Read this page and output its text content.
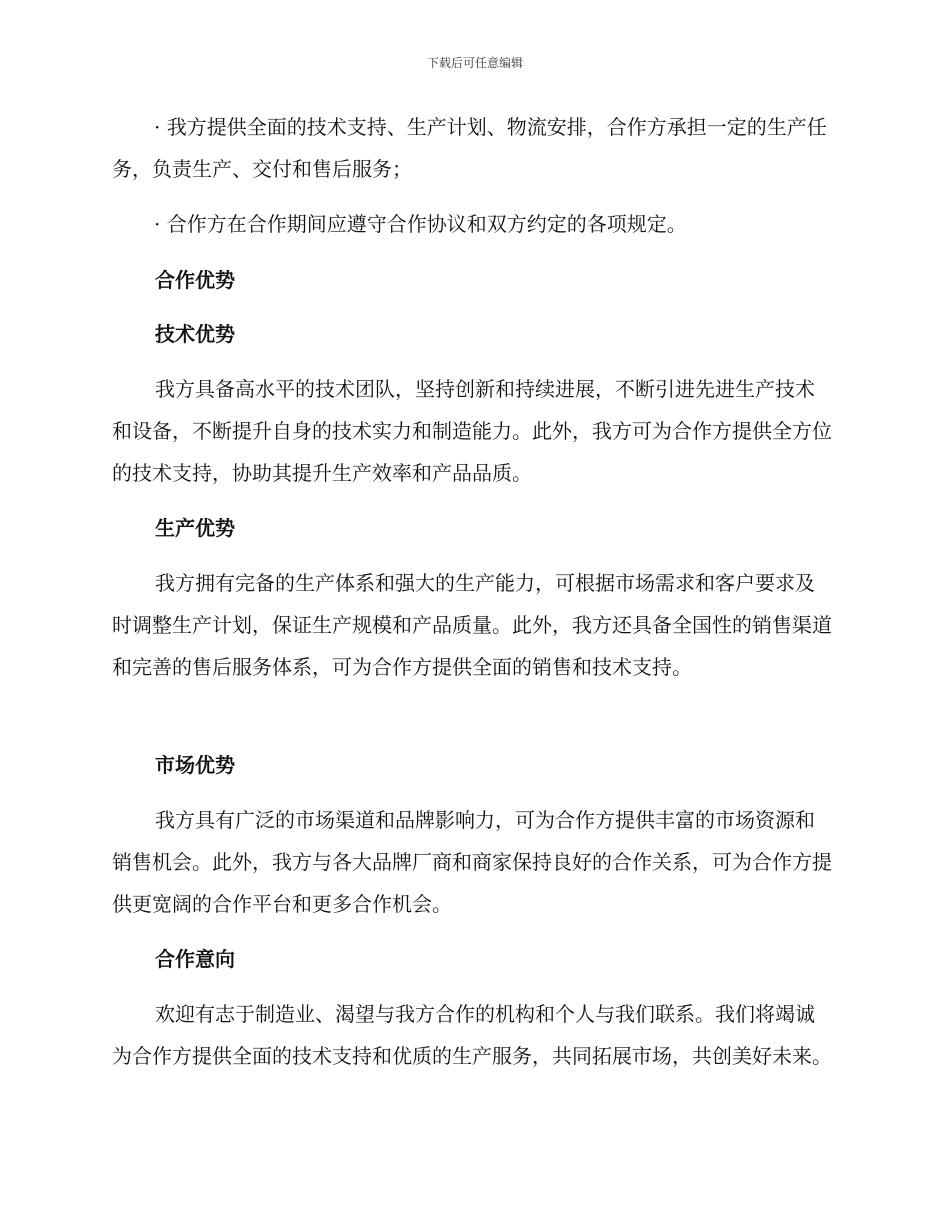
下载后可任意编辑

· 我方提供全面的技术支持、生产计划、物流安排，合作方承担一定的生产任务，负责生产、交付和售后服务；

· 合作方在合作期间应遵守合作协议和双方约定的各项规定。

合作优势
技术优势

我方具备高水平的技术团队，坚持创新和持续进展，不断引进先进生产技术和设备，不断提升自身的技术实力和制造能力。此外，我方可为合作方提供全方位的技术支持，协助其提升生产效率和产品品质。

生产优势

我方拥有完备的生产体系和强大的生产能力，可根据市场需求和客户要求及时调整生产计划，保证生产规模和产品质量。此外，我方还具备全国性的销售渠道和完善的售后服务体系，可为合作方提供全面的销售和技术支持。

市场优势

我方具有广泛的市场渠道和品牌影响力，可为合作方提供丰富的市场资源和销售机会。此外，我方与各大品牌厂商和商家保持良好的合作关系，可为合作方提供更宽阔的合作平台和更多合作机会。

合作意向

欢迎有志于制造业、渴望与我方合作的机构和个人与我们联系。我们将竭诚为合作方提供全面的技术支持和优质的生产服务，共同拓展市场，共创美好未来。
